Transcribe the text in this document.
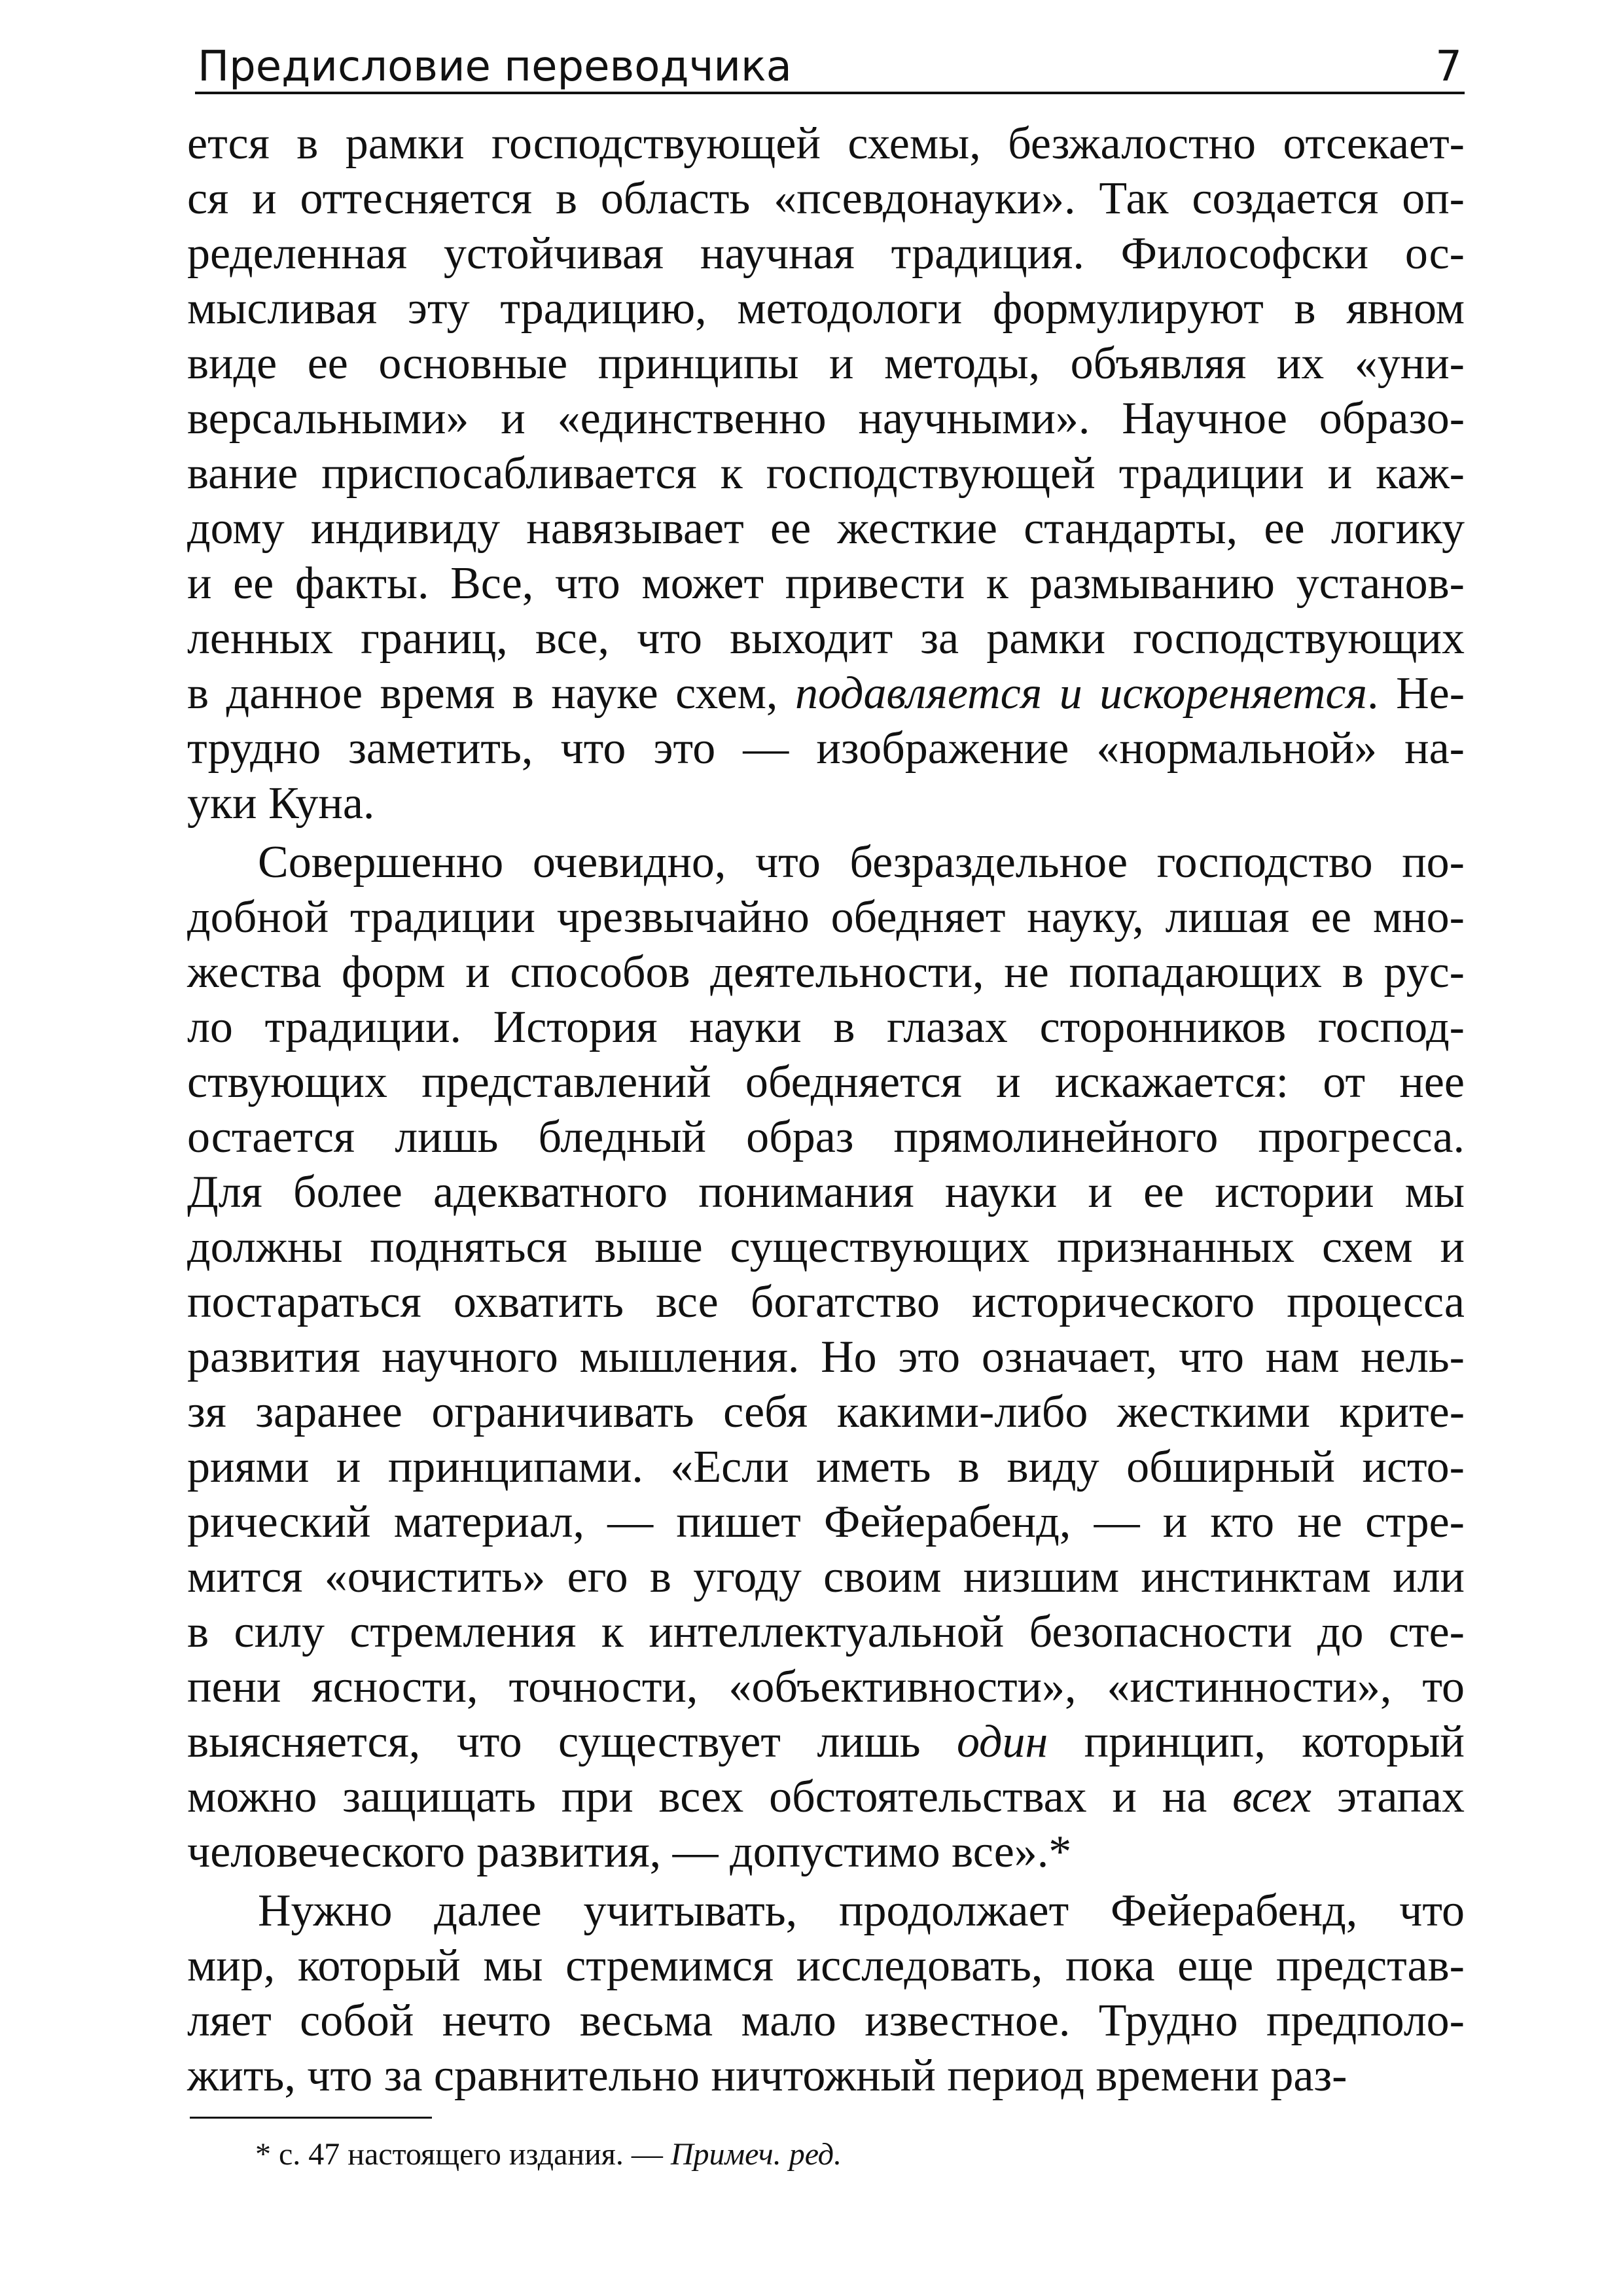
Предисловие переводчика	7
ется в рамки господствующей схемы, безжалостно отсекает-
ся и оттесняется в область «псевдонауки». Так создается оп-
ределенная устойчивая научная традиция. Философски ос-
мысливая эту традицию, методологи формулируют в явном
виде ее основные принципы и методы, объявляя их «уни-
версальными» и «единственно научными». Научное образо-
вание приспосабливается к господствующей традиции и каж-
дому индивиду навязывает ее жесткие стандарты, ее логику
и ее факты. Все, что может привести к размыванию установ-
ленных границ, все, что выходит за рамки господствующих
в данное время в науке схем, подавляется и искореняется. Не-
трудно заметить, что это — изображение «нормальной» на-
уки Куна.
Совершенно очевидно, что безраздельное господство по-
добной традиции чрезвычайно обедняет науку, лишая ее мно-
жества форм и способов деятельности, не попадающих в рус-
ло традиции. История науки в глазах сторонников господ-
ствующих представлений обедняется и искажается: от нее
остается лишь бледный образ прямолинейного прогресса.
Для более адекватного понимания науки и ее истории мы
должны подняться выше существующих признанных схем и
постараться охватить все богатство исторического процесса
развития научного мышления. Но это означает, что нам нель-
зя заранее ограничивать себя какими-либо жесткими крите-
риями и принципами. «Если иметь в виду обширный исто-
рический материал, — пишет Фейерабенд, — и кто не стре-
мится «очистить» его в угоду своим низшим инстинктам или
в силу стремления к интеллектуальной безопасности до сте-
пени ясности, точности, «объективности», «истинности», то
выясняется, что существует лишь один принцип, который
можно защищать при всех обстоятельствах и на всех этапах
человеческого развития, — допустимо все».*
Нужно далее учитывать, продолжает Фейерабенд, что
мир, который мы стремимся исследовать, пока еще представ-
ляет собой нечто весьма мало известное. Трудно предполо-
жить, что за сравнительно ничтожный период времени раз-
* с. 47 настоящего издания. — Примеч. ред.
